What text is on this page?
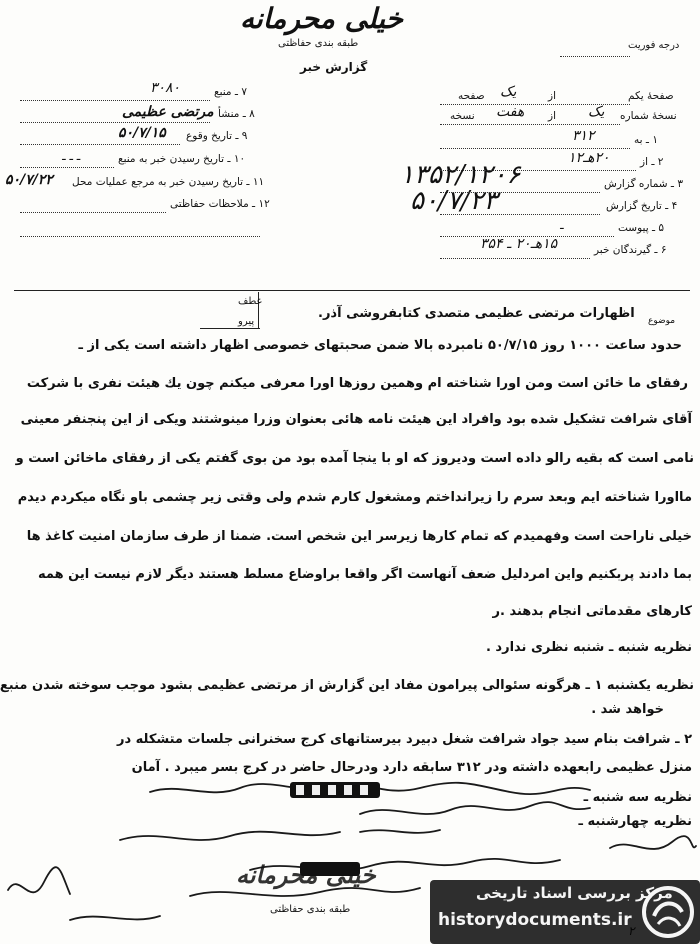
خیلی محرمانه
طبقه بندی حفاظتی
گزارش خبر
درجه فوریت
۷ ـ منبع
۳۰۸۰
۸ ـ منشأ
مرتضی عظیمی
۹ ـ تاریخ وقوع
۵۰/۷/۱۵
۱۰ ـ تاریخ رسیدن خبر به منبع
ـ ـ ـ
۱۱ ـ تاریخ رسیدن خبر به مرجع عملیات محل
۵۰/۷/۲۲
۱۲ ـ ملاحظات حفاظتی
صفحهٔ یکم
از
یک
صفحه
نسخهٔ شماره
یک
از
هفت
نسخه
۱ ـ به
۳۱۲
۲ ـ از
۲۰هـ۱۲
۳ ـ شماره گزارش
۱۳۵۲/۱۲۰۶
۴ ـ تاریخ گزارش
۵۰/۷/۲۳
۵ ـ پیوست
ـ
۶ ـ گیرندگان خبر
۱۵هـ۲۰ ـ ۳۵۴
عطف
پیرو	موضوع
اظهارات مرتضی عظیمی متصدی کتابفروشی آذر.
حدود ساعت ۱۰۰۰ روز ۵۰/۷/۱۵ نامبرده بالا ضمن صحبتهای خصوصی اظهار داشته است یکی از ـ
رفقای ما خائن است ومن اورا شناخته ام وهمین روزها اورا معرفی میکنم چون یك هیئت نفری با شرکت
آقای شرافت تشکیل شده بود وافراد این هیئت نامه هائی بعنوان وزرا مینوشتند ویکی از این پنجنفر معینی
نامی است که بقیه رالو داده است ودیروز که او با ینجا آمده بود من بوی گفتم یکی از رفقای ماخائن است و
مااورا شناخته ایم وبعد سرم را زیرانداختم ومشغول کارم شدم ولی وقتی زیر چشمی باو نگاه میکردم دیدم
خیلی ناراحت است وفهمیدم که تمام کارها زیرسر این شخص است. ضمنا از طرف سازمان امنیت کاغذ ها
بما دادند پربکنیم واین امردلیل ضعف آنهاست اگر واقعا براوضاع مسلط هستند دیگر لازم نیست این همه
کارهای مقدماتی انجام بدهند .ر
نظریه شنبه ـ شنبه نظری ندارد .
نظریه یکشنبه ۱ ـ هرگونه سئوالی پیرامون مفاد این گزارش از مرتضی عظیمی بشود موجب سوخته شدن منبع
خواهد شد .
۲ ـ شرافت بنام سید جواد شرافت شغل دبیرد بیرستانهای کرج سخنرانی جلسات متشکله در
منزل عظیمی رابعهده داشته ودر ۳۱۲ سابقه دارد ودرحال حاضر در کرج بسر میبرد . آمان
نظریه سه شنبه ـ
نظریه چهارشنبه ـ
خیلی محرمانه
طبقه بندی حفاظتی
مرکز بررسی اسناد تاریخی
historydocuments.ir
